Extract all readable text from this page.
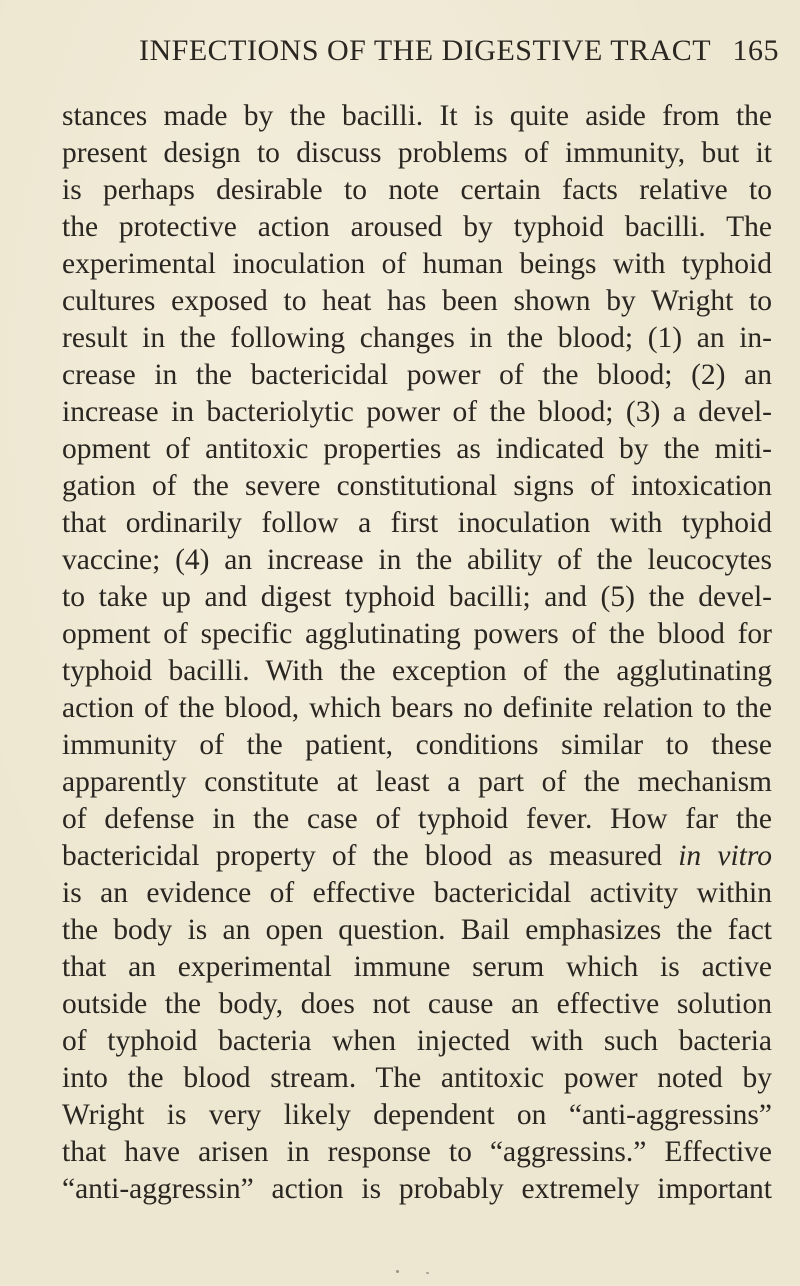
INFECTIONS OF THE DIGESTIVE TRACT 165
stances made by the bacilli. It is quite aside from the
present design to discuss problems of immunity, but it
is perhaps desirable to note certain facts relative to
the protective action aroused by typhoid bacilli. The
experimental inoculation of human beings with typhoid
cultures exposed to heat has been shown by Wright to
result in the following changes in the blood; (1) an in-
crease in the bactericidal power of the blood; (2) an
increase in bacteriolytic power of the blood; (3) a devel-
opment of antitoxic properties as indicated by the miti-
gation of the severe constitutional signs of intoxication
that ordinarily follow a first inoculation with typhoid
vaccine; (4) an increase in the ability of the leucocytes
to take up and digest typhoid bacilli; and (5) the devel-
opment of specific agglutinating powers of the blood for
typhoid bacilli. With the exception of the agglutinating
action of the blood, which bears no definite relation to the
immunity of the patient, conditions similar to these
apparently constitute at least a part of the mechanism
of defense in the case of typhoid fever. How far the
bactericidal property of the blood as measured in vitro
is an evidence of effective bactericidal activity within
the body is an open question. Bail emphasizes the fact
that an experimental immune serum which is active
outside the body, does not cause an effective solution
of typhoid bacteria when injected with such bacteria
into the blood stream. The antitoxic power noted by
Wright is very likely dependent on “anti-aggressins”
that have arisen in response to “aggressins.” Effective
“anti-aggressin” action is probably extremely important
